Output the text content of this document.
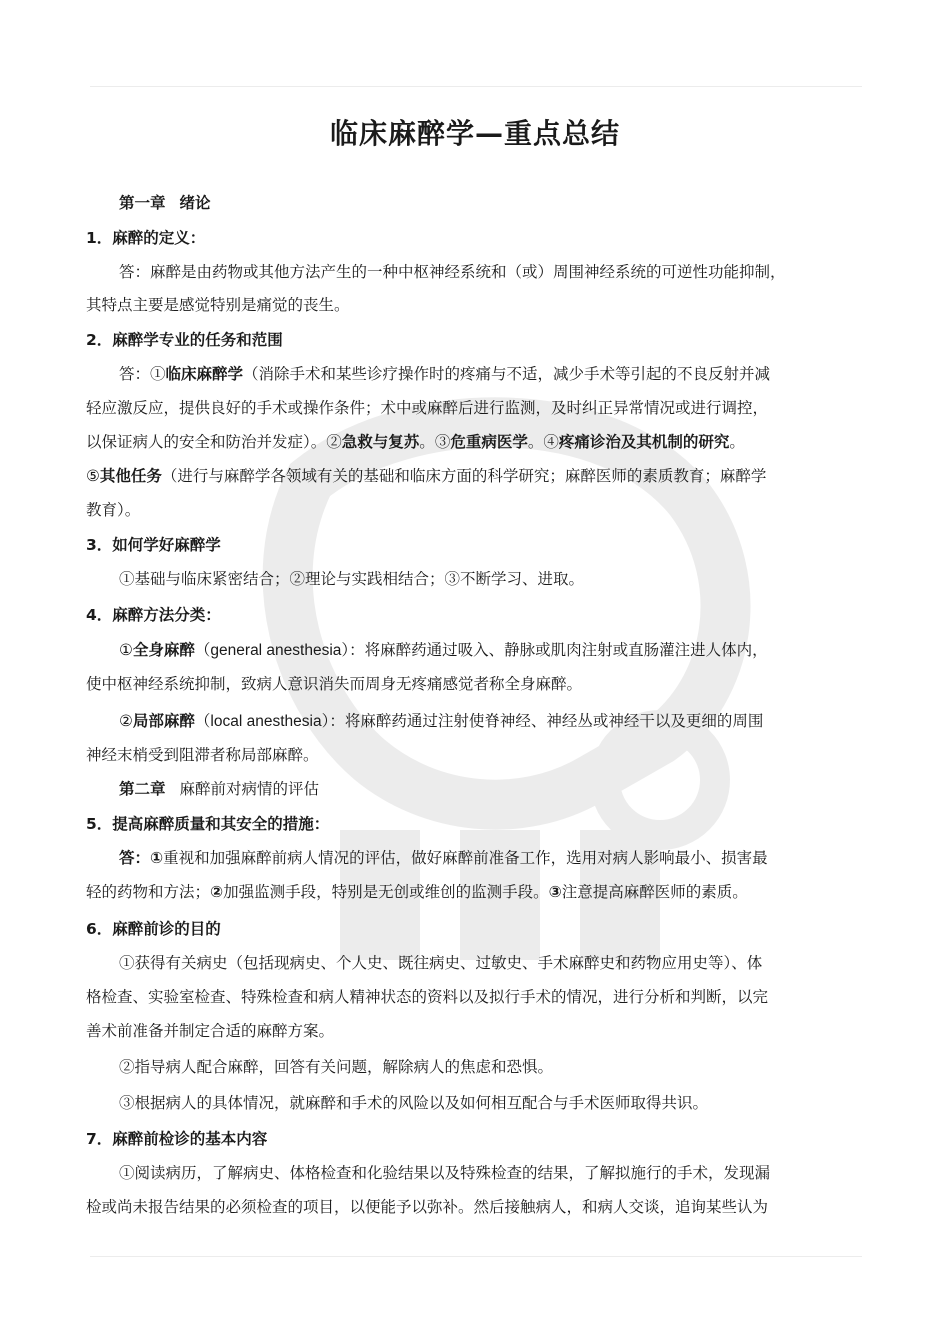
临床麻醉学—重点总结
第一章 绪论
1．麻醉的定义：
答：麻醉是由药物或其他方法产生的一种中枢神经系统和（或）周围神经系统的可逆性功能抑制，
其特点主要是感觉特别是痛觉的丧生。
2．麻醉学专业的任务和范围
答：①临床麻醉学（消除手术和某些诊疗操作时的疼痛与不适，减少手术等引起的不良反射并减
轻应激反应，提供良好的手术或操作条件；术中或麻醉后进行监测，及时纠正异常情况或进行调控，
以保证病人的安全和防治并发症）。②急救与复苏。③危重病医学。④疼痛诊治及其机制的研究。
⑤其他任务（进行与麻醉学各领域有关的基础和临床方面的科学研究；麻醉医师的素质教育；麻醉学
教育）。
3．如何学好麻醉学
①基础与临床紧密结合；②理论与实践相结合；③不断学习、进取。
4．麻醉方法分类：
①全身麻醉（general anesthesia）：将麻醉药通过吸入、静脉或肌肉注射或直肠灌注进人体内，
使中枢神经系统抑制，致病人意识消失而周身无疼痛感觉者称全身麻醉。
②局部麻醉（local anesthesia）：将麻醉药通过注射使脊神经、神经丛或神经干以及更细的周围
神经末梢受到阻滞者称局部麻醉。
第二章 麻醉前对病情的评估
5．提高麻醉质量和其安全的措施：
答：①重视和加强麻醉前病人情况的评估，做好麻醉前准备工作，选用对病人影响最小、损害最
轻的药物和方法；②加强监测手段，特别是无创或维创的监测手段。③注意提高麻醉医师的素质。
6．麻醉前诊的目的
①获得有关病史（包括现病史、个人史、既往病史、过敏史、手术麻醉史和药物应用史等）、体
格检查、实验室检查、特殊检查和病人精神状态的资料以及拟行手术的情况，进行分析和判断，以完
善术前准备并制定合适的麻醉方案。
②指导病人配合麻醉，回答有关问题，解除病人的焦虑和恐惧。
③根据病人的具体情况，就麻醉和手术的风险以及如何相互配合与手术医师取得共识。
7．麻醉前检诊的基本内容
①阅读病历，了解病史、体格检查和化验结果以及特殊检查的结果，了解拟施行的手术，发现漏
检或尚未报告结果的必须检查的项目，以便能予以弥补。然后接触病人，和病人交谈，追询某些认为
